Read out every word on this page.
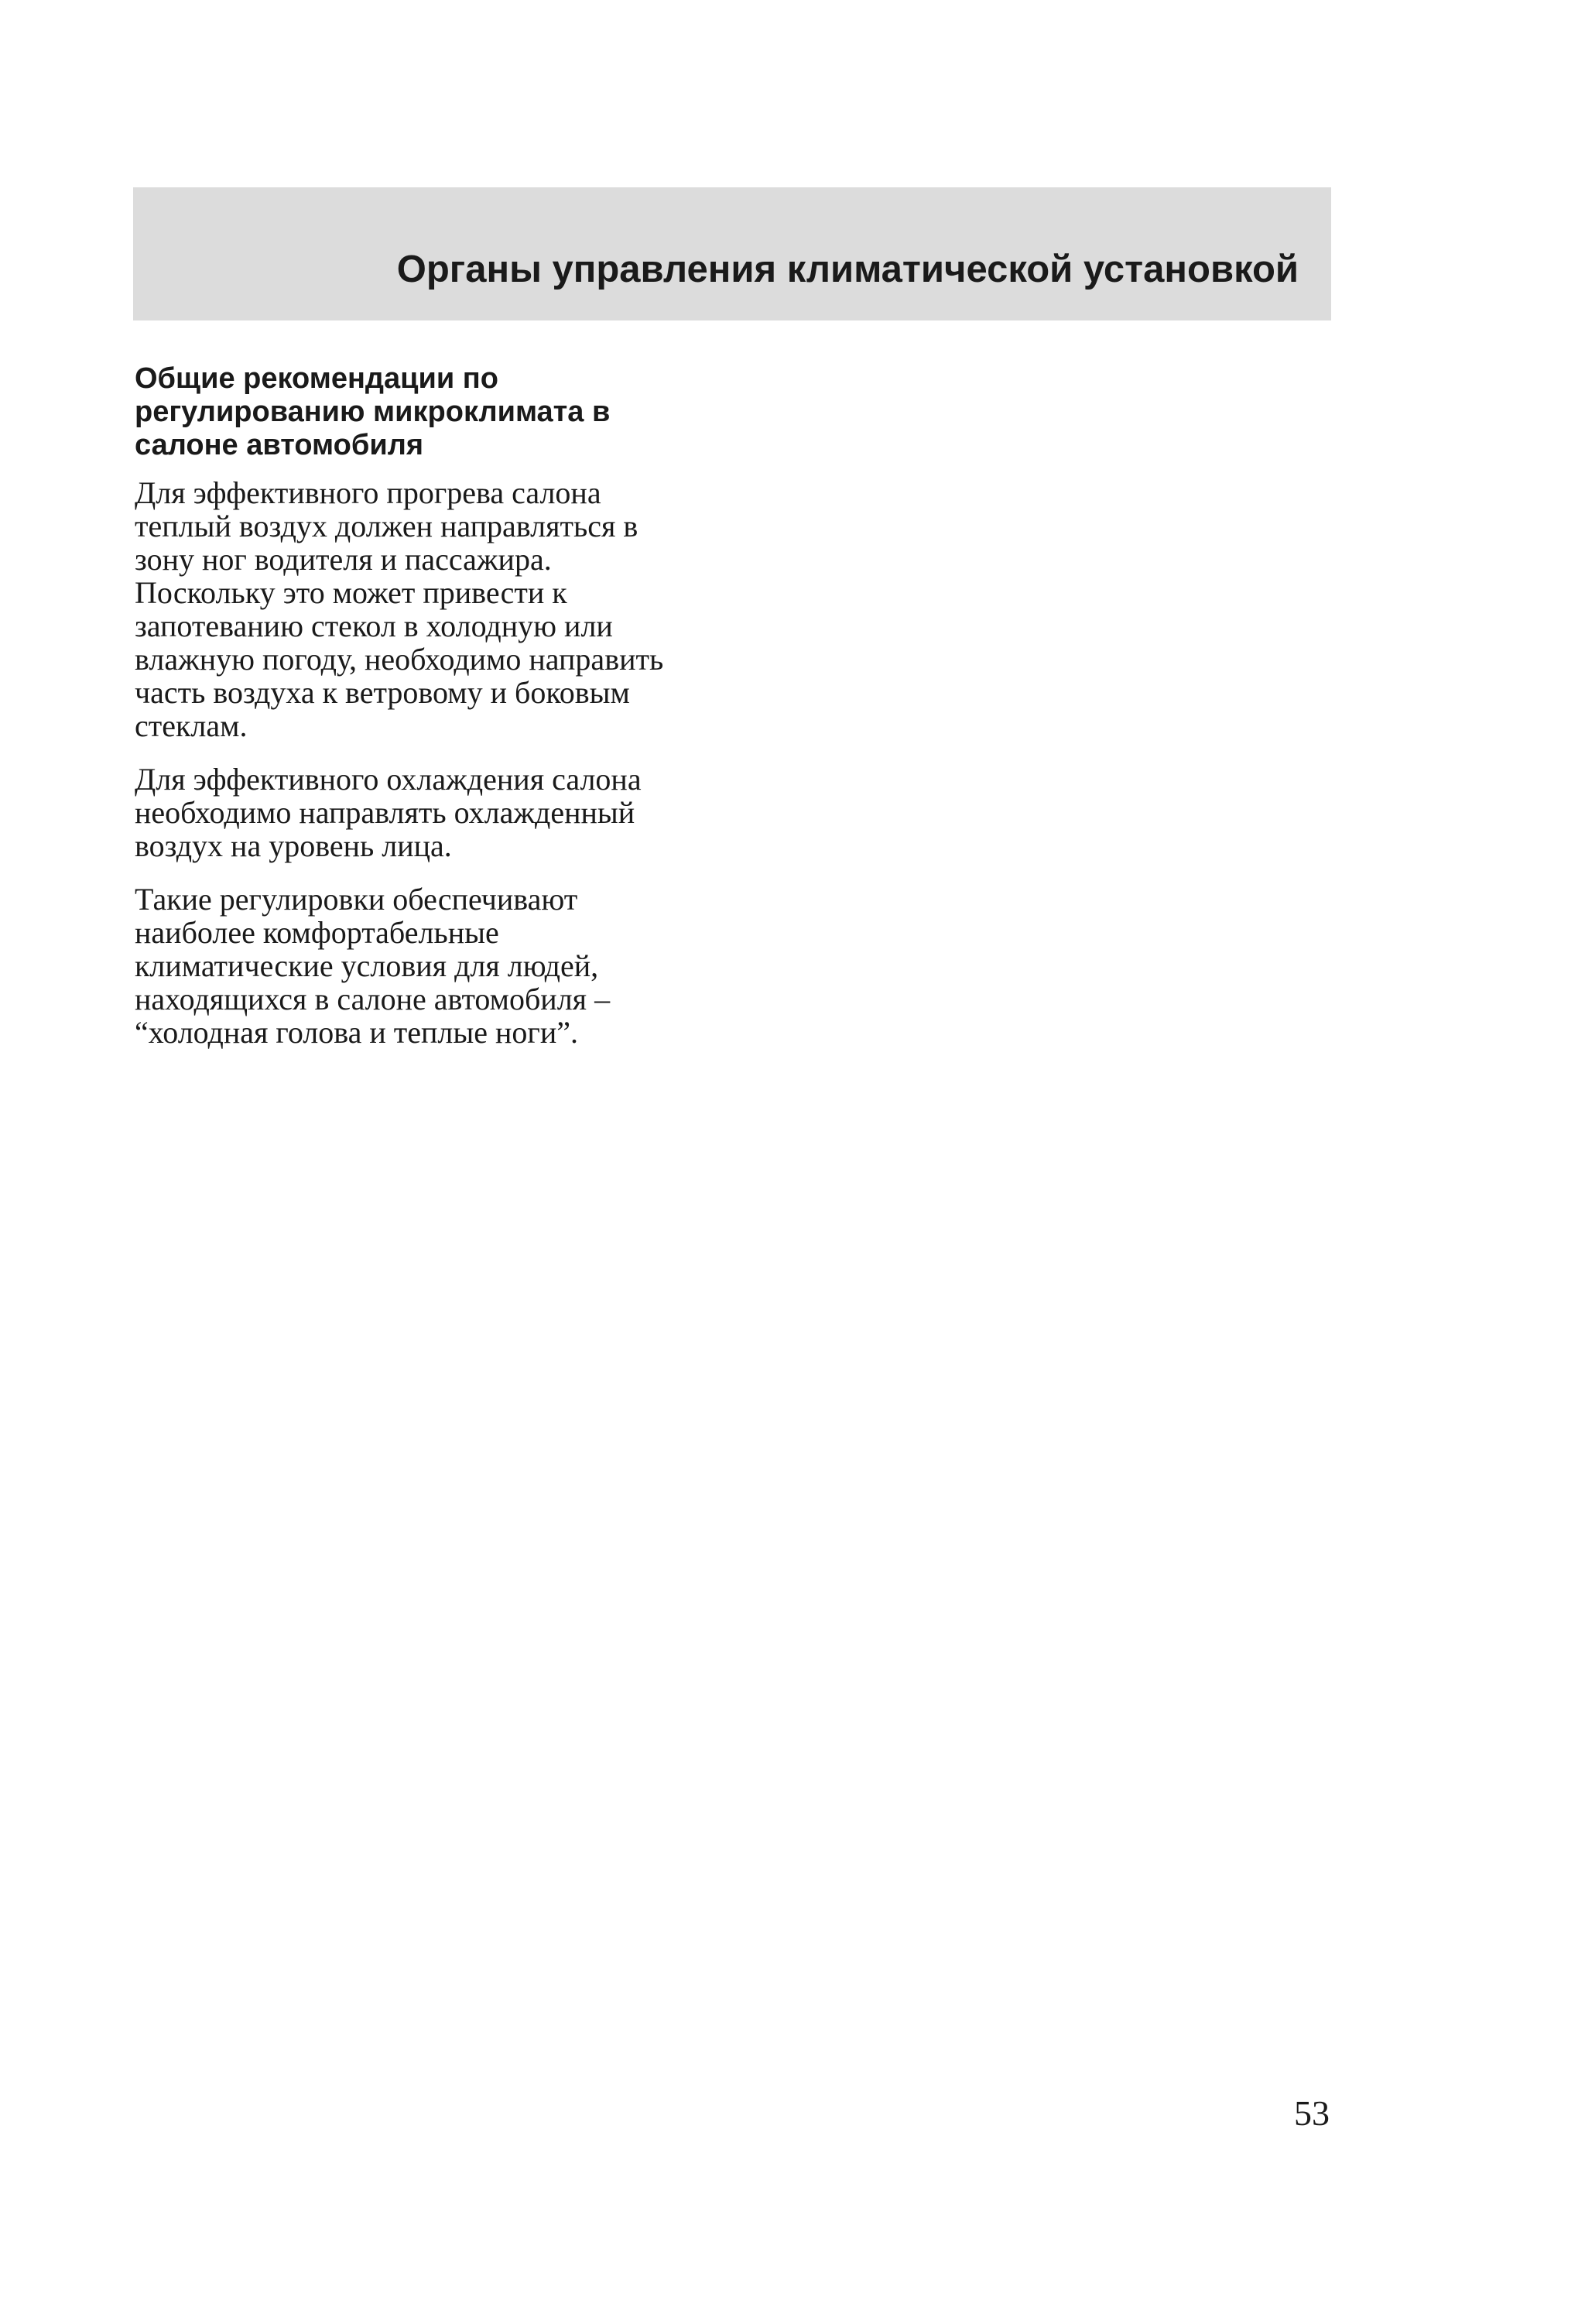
Органы управления климатической установкой
Общие рекомендации по
регулированию микроклимата в
салоне автомобиля

Для эффективного прогрева салона
теплый воздух должен направляться в
зону ног водителя и пассажира.
Поскольку это может привести к
запотеванию стекол в холодную или
влажную погоду, необходимо направить
часть воздуха к ветровому и боковым
стеклам.

Для эффективного охлаждения салона
необходимо направлять охлажденный
воздух на уровень лица.

Такие регулировки обеспечивают
наиболее комфортабельные
климатические условия для людей,
находящихся в салоне автомобиля –
“холодная голова и теплые ноги”.

53
